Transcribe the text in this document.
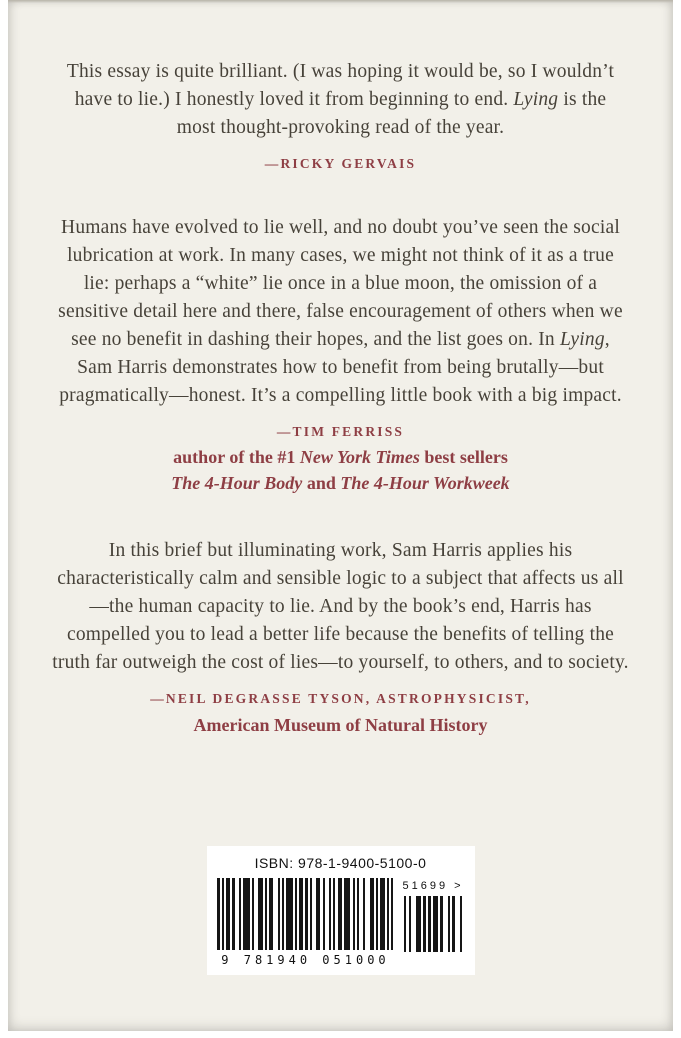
This essay is quite brilliant. (I was hoping it would be, so I wouldn’t have to lie.) I honestly loved it from beginning to end. Lying is the most thought-provoking read of the year.

—RICKY GERVAIS

Humans have evolved to lie well, and no doubt you’ve seen the social lubrication at work. In many cases, we might not think of it as a true lie: perhaps a “white” lie once in a blue moon, the omission of a sensitive detail here and there, false encouragement of others when we see no benefit in dashing their hopes, and the list goes on. In Lying, Sam Harris demonstrates how to benefit from being brutally—but pragmatically—honest. It’s a compelling little book with a big impact.

—TIM FERRISS

author of the #1 New York Times best sellers

The 4-Hour Body and The 4-Hour Workweek

In this brief but illuminating work, Sam Harris applies his characteristically calm and sensible logic to a subject that affects us all—the human capacity to lie. And by the book’s end, Harris has compelled you to lead a better life because the benefits of telling the truth far outweigh the cost of lies—to yourself, to others, and to society.

—NEIL DEGRASSE TYSON, ASTROPHYSICIST,

American Museum of Natural History

ISBN: 978-1-9400-5100-0
9 781940 051000
51699 >
